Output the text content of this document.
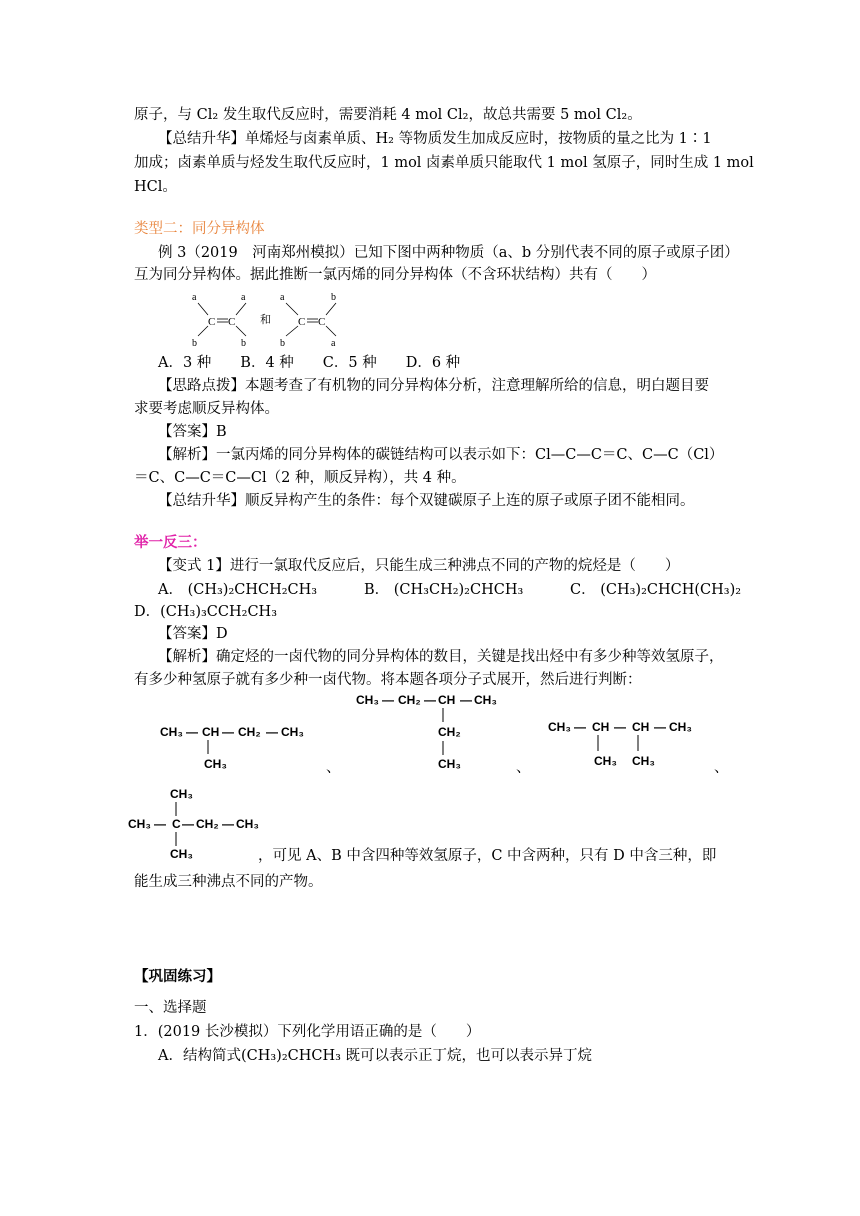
原子，与 Cl₂ 发生取代反应时，需要消耗 4 mol Cl₂，故总共需要 5 mol Cl₂。
【总结升华】单烯烃与卤素单质、H₂ 等物质发生加成反应时，按物质的量之比为 1∶1
加成；卤素单质与烃发生取代反应时，1 mol 卤素单质只能取代 1 mol 氢原子，同时生成 1 mol
HCl。
类型二：同分异构体
例 3（2019　河南郑州模拟）已知下图中两种物质（a、b 分别代表不同的原子或原子团）
互为同分异构体。据此推断一氯丙烯的同分异构体（不含环状结构）共有（　　）
a	a
b	b
C C 和
a	b
b	a
C C
A．3 种　　B．4 种　　C．5 种　　D．6 种
【思路点拨】本题考查了有机物的同分异构体分析，注意理解所给的信息，明白题目要
求要考虑顺反异构体。
【答案】B
【解析】一氯丙烯的同分异构体的碳链结构可以表示如下：Cl—C—C＝C、C—C（Cl）
＝C、C—C＝C—Cl（2 种，顺反异构），共 4 种。
【总结升华】顺反异构产生的条件：每个双键碳原子上连的原子或原子团不能相同。
举一反三：
【变式 1】进行一氯取代反应后，只能生成三种沸点不同的产物的烷烃是（　　）
A． (CH₃)₂CHCH₂CH₃	B． (CH₃CH₂)₂CHCH₃	C． (CH₃)₂CHCH(CH₃)₂
D．(CH₃)₃CCH₂CH₃
【答案】D
【解析】确定烃的一卤代物的同分异构体的数目，关键是找出烃中有多少种等效氢原子，
有多少种氢原子就有多少种一卤代物。将本题各项分子式展开，然后进行判断：
CH₃ — CH — CH₂ — CH₃
CH₃	、
CH₃ — CH₂ — CH — CH₃
CH₂
CH₃	、
CH₃ — CH — CH — CH₃
CH₃ CH₃	、
CH₃
CH₃ — C — CH₂ — CH₃
CH₃	，可见 A、B 中含四种等效氢原子，C 中含两种，只有 D 中含三种，即
能生成三种沸点不同的产物。
【巩固练习】
一、选择题
1．(2019 长沙模拟）下列化学用语正确的是（　　）
A．结构简式(CH₃)₂CHCH₃ 既可以表示正丁烷，也可以表示异丁烷
